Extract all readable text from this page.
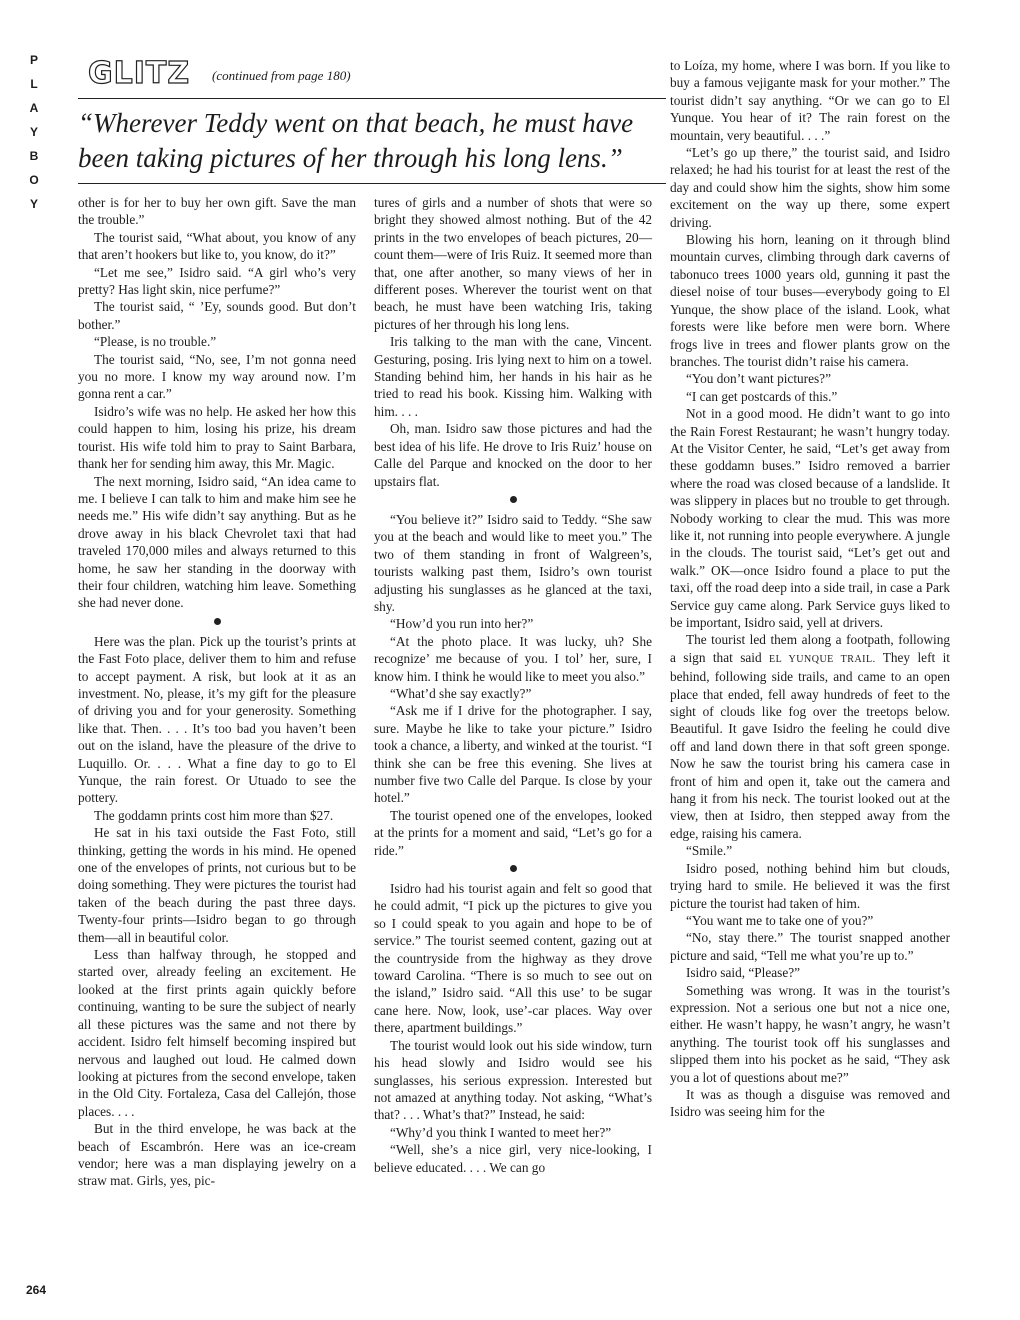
P
L
A
Y
B
O
Y
GLITZ (continued from page 180)
“Wherever Teddy went on that beach, he must have been taking pictures of her through his long lens.”

other is for her to buy her own gift. Save the man the trouble.”

The tourist said, “What about, you know of any that aren’t hookers but like to, you know, do it?”

“Let me see,” Isidro said. “A girl who’s very pretty? Has light skin, nice perfume?”

The tourist said, “ ’Ey, sounds good. But don’t bother.”

“Please, is no trouble.”

The tourist said, “No, see, I’m not gonna need you no more. I know my way around now. I’m gonna rent a car.”

Isidro’s wife was no help. He asked her how this could happen to him, losing his prize, his dream tourist. His wife told him to pray to Saint Barbara, thank her for sending him away, this Mr. Magic.

The next morning, Isidro said, “An idea came to me. I believe I can talk to him and make him see he needs me.” His wife didn’t say anything. But as he drove away in his black Chevrolet taxi that had traveled 170,000 miles and always returned to this home, he saw her standing in the doorway with their four children, watching him leave. Something she had never done.

Here was the plan. Pick up the tourist’s prints at the Fast Foto place, deliver them to him and refuse to accept payment. A risk, but look at it as an investment. No, please, it’s my gift for the pleasure of driving you and for your generosity. Something like that. Then. . . . It’s too bad you haven’t been out on the island, have the pleasure of the drive to Luquillo. Or. . . . What a fine day to go to El Yunque, the rain forest. Or Utuado to see the pottery.

The goddamn prints cost him more than $27.

He sat in his taxi outside the Fast Foto, still thinking, getting the words in his mind. He opened one of the envelopes of prints, not curious but to be doing something. They were pictures the tourist had taken of the beach during the past three days. Twenty-four prints—Isidro began to go through them—all in beautiful color.

Less than halfway through, he stopped and started over, already feeling an excitement. He looked at the first prints again quickly before continuing, wanting to be sure the subject of nearly all these pictures was the same and not there by accident. Isidro felt himself becoming inspired but nervous and laughed out loud. He calmed down looking at pictures from the second envelope, taken in the Old City. Fortaleza, Casa del Callejón, those places. . . .

But in the third envelope, he was back at the beach of Escambrón. Here was an ice-cream vendor; here was a man displaying jewelry on a straw mat. Girls, yes, pic-

tures of girls and a number of shots that were so bright they showed almost nothing. But of the 42 prints in the two envelopes of beach pictures, 20—count them—were of Iris Ruiz. It seemed more than that, one after another, so many views of her in different poses. Wherever the tourist went on that beach, he must have been watching Iris, taking pictures of her through his long lens.

Iris talking to the man with the cane, Vincent. Gesturing, posing. Iris lying next to him on a towel. Standing behind him, her hands in his hair as he tried to read his book. Kissing him. Walking with him. . . .

Oh, man. Isidro saw those pictures and had the best idea of his life. He drove to Iris Ruiz’ house on Calle del Parque and knocked on the door to her upstairs flat.

“You believe it?” Isidro said to Teddy. “She saw you at the beach and would like to meet you.” The two of them standing in front of Walgreen’s, tourists walking past them, Isidro’s own tourist adjusting his sunglasses as he glanced at the taxi, shy.

“How’d you run into her?”

“At the photo place. It was lucky, uh? She recognize’ me because of you. I tol’ her, sure, I know him. I think he would like to meet you also.”

“What’d she say exactly?”

“Ask me if I drive for the photographer. I say, sure. Maybe he like to take your picture.” Isidro took a chance, a liberty, and winked at the tourist. “I think she can be free this evening. She lives at number five two Calle del Parque. Is close by your hotel.”

The tourist opened one of the envelopes, looked at the prints for a moment and said, “Let’s go for a ride.”

Isidro had his tourist again and felt so good that he could admit, “I pick up the pictures to give you so I could speak to you again and hope to be of service.” The tourist seemed content, gazing out at the countryside from the highway as they drove toward Carolina. “There is so much to see out on the island,” Isidro said. “All this use’ to be sugar cane here. Now, look, use’-car places. Way over there, apartment buildings.”

The tourist would look out his side window, turn his head slowly and Isidro would see his sunglasses, his serious expression. Interested but not amazed at anything today. Not asking, “What’s that? . . . What’s that?” Instead, he said:

“Why’d you think I wanted to meet her?”

“Well, she’s a nice girl, very nice-looking, I believe educated. . . . We can go

to Loíza, my home, where I was born. If you like to buy a famous vejigante mask for your mother.” The tourist didn’t say anything. “Or we can go to El Yunque. You hear of it? The rain forest on the mountain, very beautiful. . . .”

“Let’s go up there,” the tourist said, and Isidro relaxed; he had his tourist for at least the rest of the day and could show him the sights, show him some excitement on the way up there, some expert driving.

Blowing his horn, leaning on it through blind mountain curves, climbing through dark caverns of tabonuco trees 1000 years old, gunning it past the diesel noise of tour buses—everybody going to El Yunque, the show place of the island. Look, what forests were like before men were born. Where frogs live in trees and flower plants grow on the branches. The tourist didn’t raise his camera.

“You don’t want pictures?”

“I can get postcards of this.”

Not in a good mood. He didn’t want to go into the Rain Forest Restaurant; he wasn’t hungry today. At the Visitor Center, he said, “Let’s get away from these goddamn buses.” Isidro removed a barrier where the road was closed because of a landslide. It was slippery in places but no trouble to get through. Nobody working to clear the mud. This was more like it, not running into people everywhere. A jungle in the clouds. The tourist said, “Let’s get out and walk.” OK—once Isidro found a place to put the taxi, off the road deep into a side trail, in case a Park Service guy came along. Park Service guys liked to be important, Isidro said, yell at drivers.

The tourist led them along a footpath, following a sign that said EL YUNQUE TRAIL. They left it behind, following side trails, and came to an open place that ended, fell away hundreds of feet to the sight of clouds like fog over the treetops below. Beautiful. It gave Isidro the feeling he could dive off and land down there in that soft green sponge. Now he saw the tourist bring his camera case in front of him and open it, take out the camera and hang it from his neck. The tourist looked out at the view, then at Isidro, then stepped away from the edge, raising his camera.

“Smile.”

Isidro posed, nothing behind him but clouds, trying hard to smile. He believed it was the first picture the tourist had taken of him.

“You want me to take one of you?”

“No, stay there.” The tourist snapped another picture and said, “Tell me what you’re up to.”

Isidro said, “Please?”

Something was wrong. It was in the tourist’s expression. Not a serious one but not a nice one, either. He wasn’t happy, he wasn’t angry, he wasn’t anything. The tourist took off his sunglasses and slipped them into his pocket as he said, “They ask you a lot of questions about me?”

It was as though a disguise was removed and Isidro was seeing him for the

264
